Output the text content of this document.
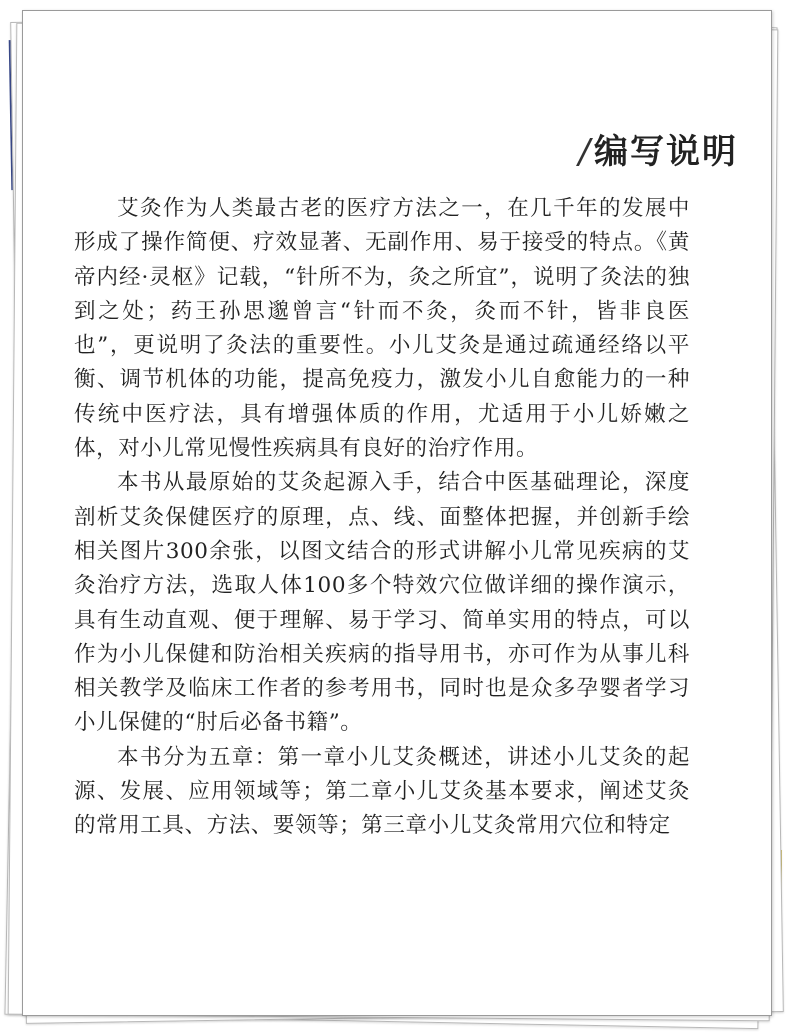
/编写说明

艾灸作为人类最古老的医疗方法之一，在几千年的发展中形成了操作简便、疗效显著、无副作用、易于接受的特点。《黄帝内经·灵枢》记载，“针所不为，灸之所宜”，说明了灸法的独到之处；药王孙思邈曾言“针而不灸，灸而不针，皆非良医也”，更说明了灸法的重要性。小儿艾灸是通过疏通经络以平衡、调节机体的功能，提高免疫力，激发小儿自愈能力的一种传统中医疗法，具有增强体质的作用，尤适用于小儿娇嫩之体，对小儿常见慢性疾病具有良好的治疗作用。

本书从最原始的艾灸起源入手，结合中医基础理论，深度剖析艾灸保健医疗的原理，点、线、面整体把握，并创新手绘相关图片300余张，以图文结合的形式讲解小儿常见疾病的艾灸治疗方法，选取人体100多个特效穴位做详细的操作演示，具有生动直观、便于理解、易于学习、简单实用的特点，可以作为小儿保健和防治相关疾病的指导用书，亦可作为从事儿科相关教学及临床工作者的参考用书，同时也是众多孕婴者学习小儿保健的“肘后必备书籍”。

本书分为五章：第一章小儿艾灸概述，讲述小儿艾灸的起源、发展、应用领域等；第二章小儿艾灸基本要求，阐述艾灸的常用工具、方法、要领等；第三章小儿艾灸常用穴位和特定
